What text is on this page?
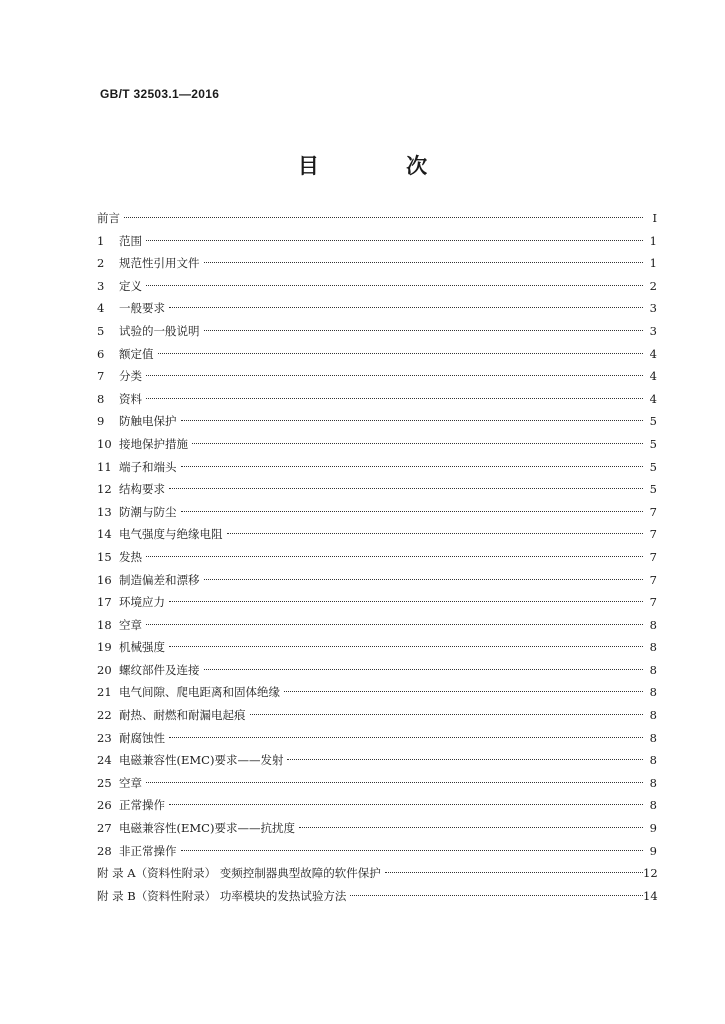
GB/T 32503.1—2016
目 次
前言	I
1	范围	1
2	规范性引用文件	1
3	定义	2
4	一般要求	3
5	试验的一般说明	3
6	额定值	4
7	分类	4
8	资料	4
9	防触电保护	5
10 接地保护措施	5
11 端子和端头	5
12 结构要求	5
13 防潮与防尘	7
14 电气强度与绝缘电阻	7
15 发热	7
16 制造偏差和漂移	7
17 环境应力	7
18 空章	8
19 机械强度	8
20 螺纹部件及连接	8
21 电气间隙、爬电距离和固体绝缘	8
22 耐热、耐燃和耐漏电起痕	8
23 耐腐蚀性	8
24 电磁兼容性(EMC)要求——发射	8
25 空章	8
26 正常操作	8
27 电磁兼容性(EMC)要求——抗扰度	9
28 非正常操作	9
附 录 A（资料性附录） 变频控制器典型故障的软件保护	12
附 录 B（资料性附录） 功率模块的发热试验方法	14
